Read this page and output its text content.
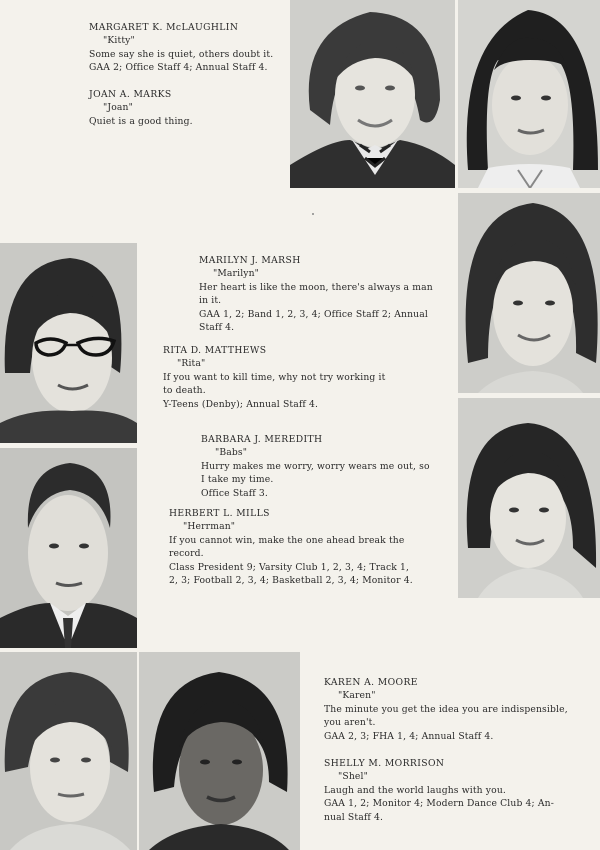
MARGARET K. McLAUGHLIN
"Kitty"
Some say she is quiet, others doubt it.
GAA 2; Office Staff 4; Annual Staff 4.
JOAN A. MARKS
"Joan"
Quiet is a good thing.
MARILYN J. MARSH
"Marilyn"
Her heart is like the moon, there's always a man
in it.
GAA 1, 2; Band 1, 2, 3, 4; Office Staff 2; Annual
Staff 4.
RITA D. MATTHEWS
"Rita"
If you want to kill time, why not try working it
to death.
Y-Teens (Denby); Annual Staff 4.
BARBARA J. MEREDITH
"Babs"
Hurry makes me worry, worry wears me out, so
I take my time.
Office Staff 3.
HERBERT L. MILLS
"Herrman"
If you cannot win, make the one ahead break the
record.
Class President 9; Varsity Club 1, 2, 3, 4; Track 1,
2, 3; Football 2, 3, 4; Basketball 2, 3, 4; Monitor 4.
KAREN A. MOORE
"Karen"
The minute you get the idea you are indispensible,
you aren't.
GAA 2, 3; FHA 1, 4; Annual Staff 4.
SHELLY M. MORRISON
"Shel"
Laugh and the world laughs with you.
GAA 1, 2; Monitor 4; Modern Dance Club 4; An-
nual Staff 4.
